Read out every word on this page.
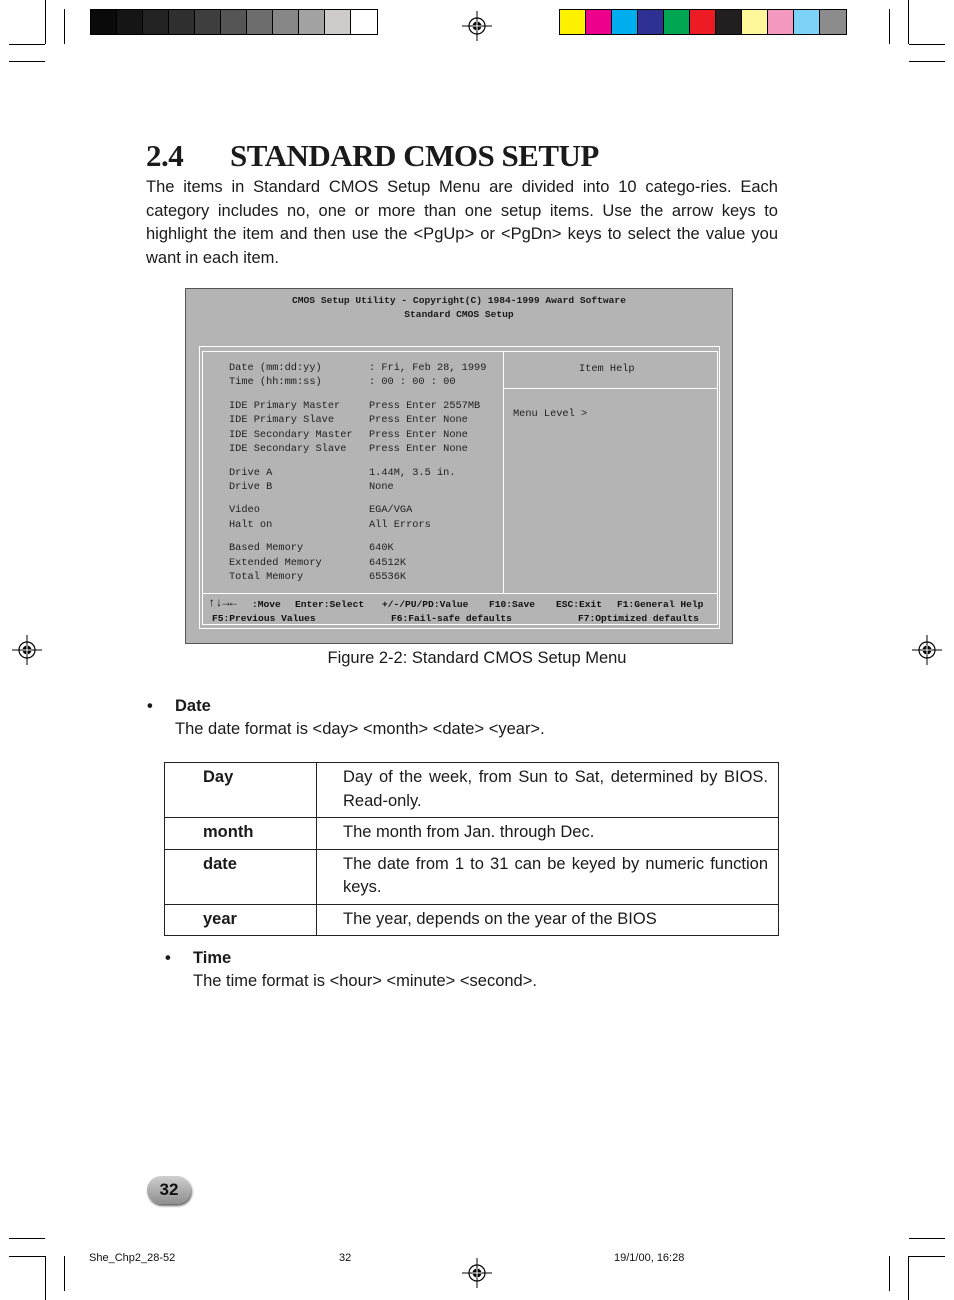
2.4 STANDARD CMOS SETUP

The items in Standard CMOS Setup Menu are divided into 10 catego-ries. Each category includes no, one or more than one setup items. Use the arrow keys to highlight the item and then use the <PgUp> or <PgDn> keys to select the value you want in each item.

CMOS Setup Utility - Copyright(C) 1984-1999 Award Software
Standard CMOS Setup
Date (mm:dd:yy)	: Fri, Feb 28, 1999
Time (hh:mm:ss)	: 00 : 00 : 00
IDE Primary Master	Press Enter 2557MB
IDE Primary Slave	Press Enter None
IDE Secondary Master Press Enter None
IDE Secondary Slave Press Enter None
Drive A	1.44M, 3.5 in.
Drive B	None
Video	EGA/VGA
Halt on	All Errors
Based Memory	640K
Extended Memory	64512K
Total Memory	65536K
Item Help
Menu Level >
↑↓→← :Move Enter:Select +/-/PU/PD:Value F10:Save ESC:Exit F1:General Help
F5:Previous Values	F6:Fail-safe defaults	F7:Optimized defaults
Figure 2-2: Standard CMOS Setup Menu
• Date
The date format is <day> <month> <date> <year>.
Day	Day of the week, from Sun to Sat, determined by BIOS. Read-only.
month	The month from Jan. through Dec.
date	The date from 1 to 31 can be keyed by numeric function keys.
year	The year, depends on the year of the BIOS
• Time
The time format is <hour> <minute> <second>.
32
She_Chp2_28-52	32	19/1/00, 16:28
